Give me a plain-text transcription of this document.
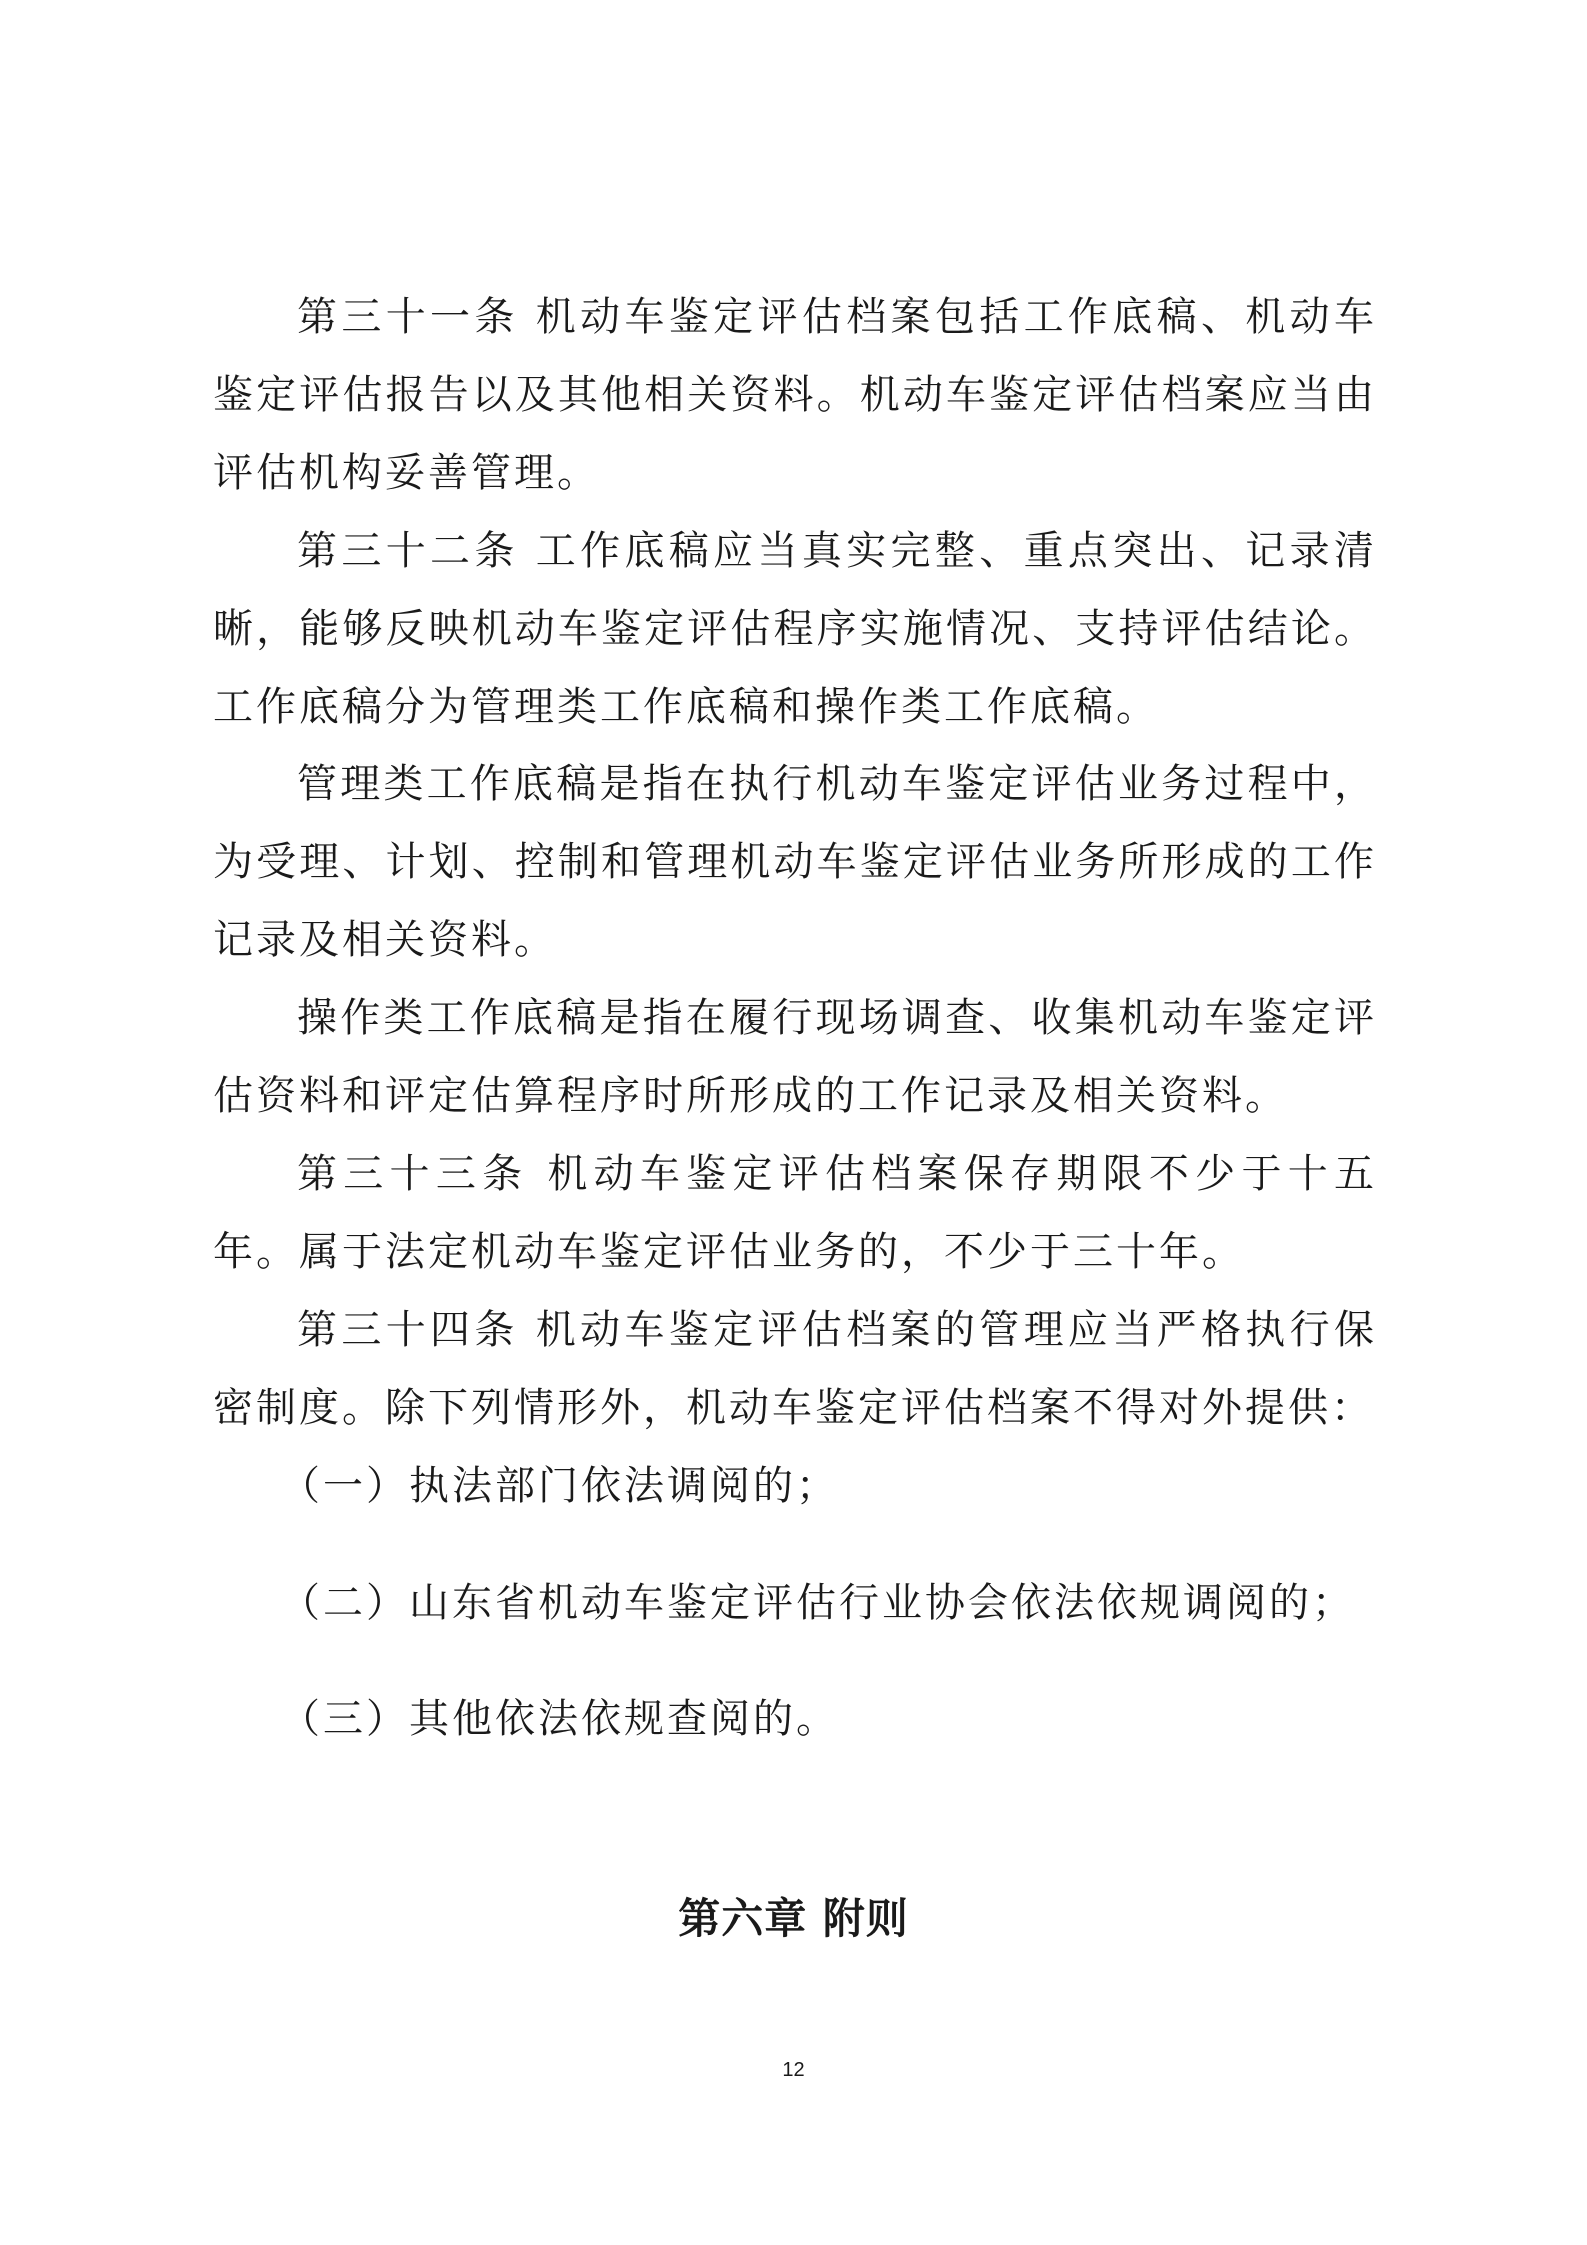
第三十一条 机动车鉴定评估档案包括工作底稿、机动车鉴定评估报告以及其他相关资料。机动车鉴定评估档案应当由评估机构妥善管理。

第三十二条 工作底稿应当真实完整、重点突出、记录清晰，能够反映机动车鉴定评估程序实施情况、支持评估结论。工作底稿分为管理类工作底稿和操作类工作底稿。

管理类工作底稿是指在执行机动车鉴定评估业务过程中，为受理、计划、控制和管理机动车鉴定评估业务所形成的工作记录及相关资料。

操作类工作底稿是指在履行现场调查、收集机动车鉴定评估资料和评定估算程序时所形成的工作记录及相关资料。

第三十三条 机动车鉴定评估档案保存期限不少于十五年。属于法定机动车鉴定评估业务的，不少于三十年。

第三十四条 机动车鉴定评估档案的管理应当严格执行保密制度。除下列情形外，机动车鉴定评估档案不得对外提供：

（一）执法部门依法调阅的；

（二）山东省机动车鉴定评估行业协会依法依规调阅的；

（三）其他依法依规查阅的。

第六章 附则
12
